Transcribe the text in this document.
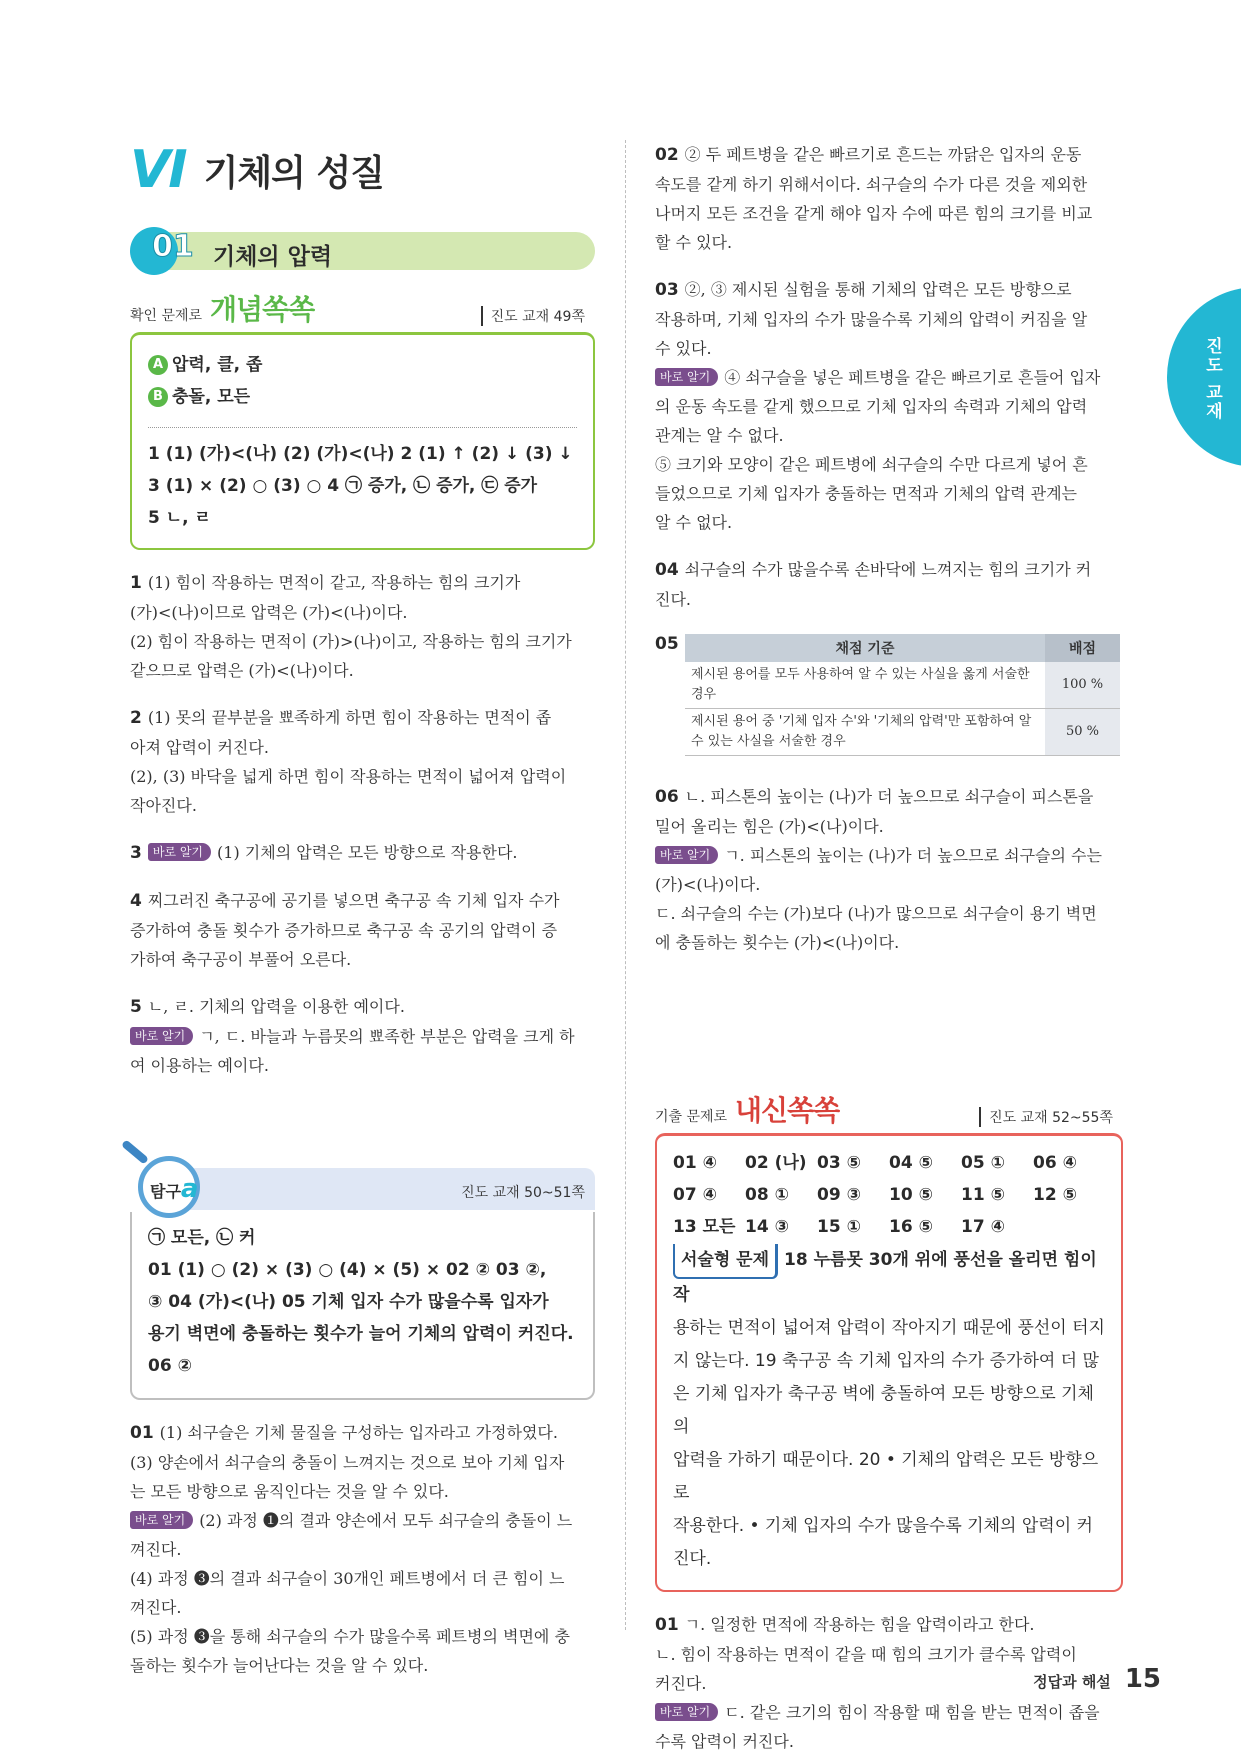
VI 기체의 성질
01 기체의 압력
확인 문제로 개념쏙쏙	진도 교재 49쪽
A 압력, 클, 좁
B 충돌, 모든
1 (1) (가)<(나) (2) (가)<(나) 2 (1) ↑ (2) ↓ (3) ↓
3 (1) × (2) ○ (3) ○ 4 ㉠ 증가, ㉡ 증가, ㉢ 증가
5 ㄴ, ㄹ
1 (1) 힘이 작용하는 면적이 같고, 작용하는 힘의 크기가
(가)<(나)이므로 압력은 (가)<(나)이다.
(2) 힘이 작용하는 면적이 (가)>(나)이고, 작용하는 힘의 크기가
같으므로 압력은 (가)<(나)이다.
2 (1) 못의 끝부분을 뾰족하게 하면 힘이 작용하는 면적이 좁
아져 압력이 커진다.
(2), (3) 바닥을 넓게 하면 힘이 작용하는 면적이 넓어져 압력이
작아진다.
3 바로 알기 (1) 기체의 압력은 모든 방향으로 작용한다.
4 찌그러진 축구공에 공기를 넣으면 축구공 속 기체 입자 수가
증가하여 충돌 횟수가 증가하므로 축구공 속 공기의 압력이 증
가하여 축구공이 부풀어 오른다.
5 ㄴ, ㄹ. 기체의 압력을 이용한 예이다.
바로 알기 ㄱ, ㄷ. 바늘과 누름못의 뾰족한 부분은 압력을 크게 하
여 이용하는 예이다.
탐구a	진도 교재 50~51쪽
㉠ 모든, ㉡ 커
01 (1) ○ (2) × (3) ○ (4) × (5) × 02 ② 03 ②,
③ 04 (가)<(나) 05 기체 입자 수가 많을수록 입자가
용기 벽면에 충돌하는 횟수가 늘어 기체의 압력이 커진다.
06 ②
01 (1) 쇠구슬은 기체 물질을 구성하는 입자라고 가정하였다.
(3) 양손에서 쇠구슬의 충돌이 느껴지는 것으로 보아 기체 입자
는 모든 방향으로 움직인다는 것을 알 수 있다.
바로 알기 (2) 과정 ❶의 결과 양손에서 모두 쇠구슬의 충돌이 느
껴진다.
(4) 과정 ❸의 결과 쇠구슬이 30개인 페트병에서 더 큰 힘이 느
껴진다.
(5) 과정 ❸을 통해 쇠구슬의 수가 많을수록 페트병의 벽면에 충
돌하는 횟수가 늘어난다는 것을 알 수 있다.
02 ② 두 페트병을 같은 빠르기로 흔드는 까닭은 입자의 운동
속도를 같게 하기 위해서이다. 쇠구슬의 수가 다른 것을 제외한
나머지 모든 조건을 같게 해야 입자 수에 따른 힘의 크기를 비교
할 수 있다.
03 ②, ③ 제시된 실험을 통해 기체의 압력은 모든 방향으로
작용하며, 기체 입자의 수가 많을수록 기체의 압력이 커짐을 알
수 있다.
바로 알기 ④ 쇠구슬을 넣은 페트병을 같은 빠르기로 흔들어 입자
의 운동 속도를 같게 했으므로 기체 입자의 속력과 기체의 압력
관계는 알 수 없다.
⑤ 크기와 모양이 같은 페트병에 쇠구슬의 수만 다르게 넣어 흔
들었으므로 기체 입자가 충돌하는 면적과 기체의 압력 관계는
알 수 없다.
04 쇠구슬의 수가 많을수록 손바닥에 느껴지는 힘의 크기가 커
진다.
05	채점 기준	배점
제시된 용어를 모두 사용하여 알 수 있는 사실을 옳게 서술한 경우	100 %
제시된 용어 중 '기체 입자 수'와 '기체의 압력'만 포함하여 알 수 있는 사실을 서술한 경우	50 %
06 ㄴ. 피스톤의 높이는 (나)가 더 높으므로 쇠구슬이 피스톤을
밀어 올리는 힘은 (가)<(나)이다.
바로 알기 ㄱ. 피스톤의 높이는 (나)가 더 높으므로 쇠구슬의 수는
(가)<(나)이다.
ㄷ. 쇠구슬의 수는 (가)보다 (나)가 많으므로 쇠구슬이 용기 벽면
에 충돌하는 횟수는 (가)<(나)이다.
기출 문제로 내신쏙쏙	진도 교재 52~55쪽
01 ④	02 (나) 03 ⑤	04 ⑤	05 ①	06 ④
07 ④	08 ①	09 ③	10 ⑤	11 ⑤	12 ⑤
13 모든 14 ③	15 ①	16 ⑤	17 ④
서술형 문제 18 누름못 30개 위에 풍선을 올리면 힘이 작
용하는 면적이 넓어져 압력이 작아지기 때문에 풍선이 터지
지 않는다. 19 축구공 속 기체 입자의 수가 증가하여 더 많
은 기체 입자가 축구공 벽에 충돌하여 모든 방향으로 기체의
압력을 가하기 때문이다. 20 • 기체의 압력은 모든 방향으로
작용한다. • 기체 입자의 수가 많을수록 기체의 압력이 커진다.
01 ㄱ. 일정한 면적에 작용하는 힘을 압력이라고 한다.
ㄴ. 힘이 작용하는 면적이 같을 때 힘의 크기가 클수록 압력이
커진다.
바로 알기 ㄷ. 같은 크기의 힘이 작용할 때 힘을 받는 면적이 좁을
수록 압력이 커진다.
진도 교재
정답과 해설 15
